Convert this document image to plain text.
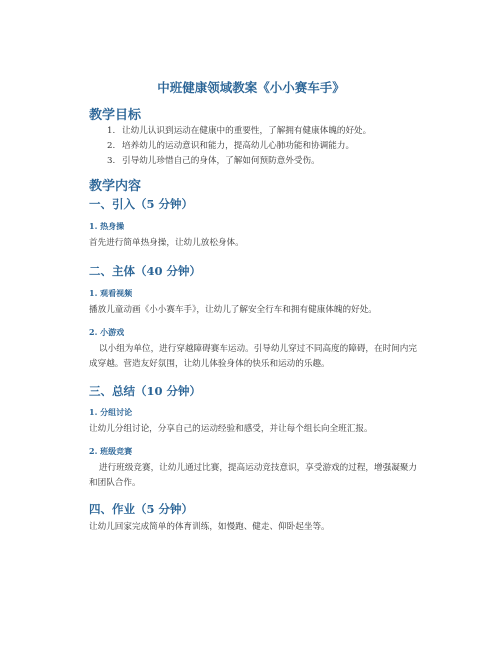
中班健康领域教案《小小赛车手》
教学目标
1. 让幼儿认识到运动在健康中的重要性，了解拥有健康体魄的好处。
2. 培养幼儿的运动意识和能力，提高幼儿心肺功能和协调能力。
3. 引导幼儿珍惜自己的身体，了解如何预防意外受伤。
教学内容
一、引入（5 分钟）
1. 热身操
首先进行简单热身操，让幼儿放松身体。
二、主体（40 分钟）
1. 观看视频
播放儿童动画《小小赛车手》，让幼儿了解安全行车和拥有健康体魄的好处。
2. 小游戏
以小组为单位，进行穿越障碍赛车运动。引导幼儿穿过不同高度的障碍，在时间内完成穿越。营造友好氛围，让幼儿体验身体的快乐和运动的乐趣。
三、总结（10 分钟）
1. 分组讨论
让幼儿分组讨论，分享自己的运动经验和感受，并让每个组长向全班汇报。
2. 班级竞赛
进行班级竞赛，让幼儿通过比赛，提高运动竞技意识，享受游戏的过程，增强凝聚力和团队合作。
四、作业（5 分钟）
让幼儿回家完成简单的体育训练，如慢跑、健走、仰卧起坐等。
